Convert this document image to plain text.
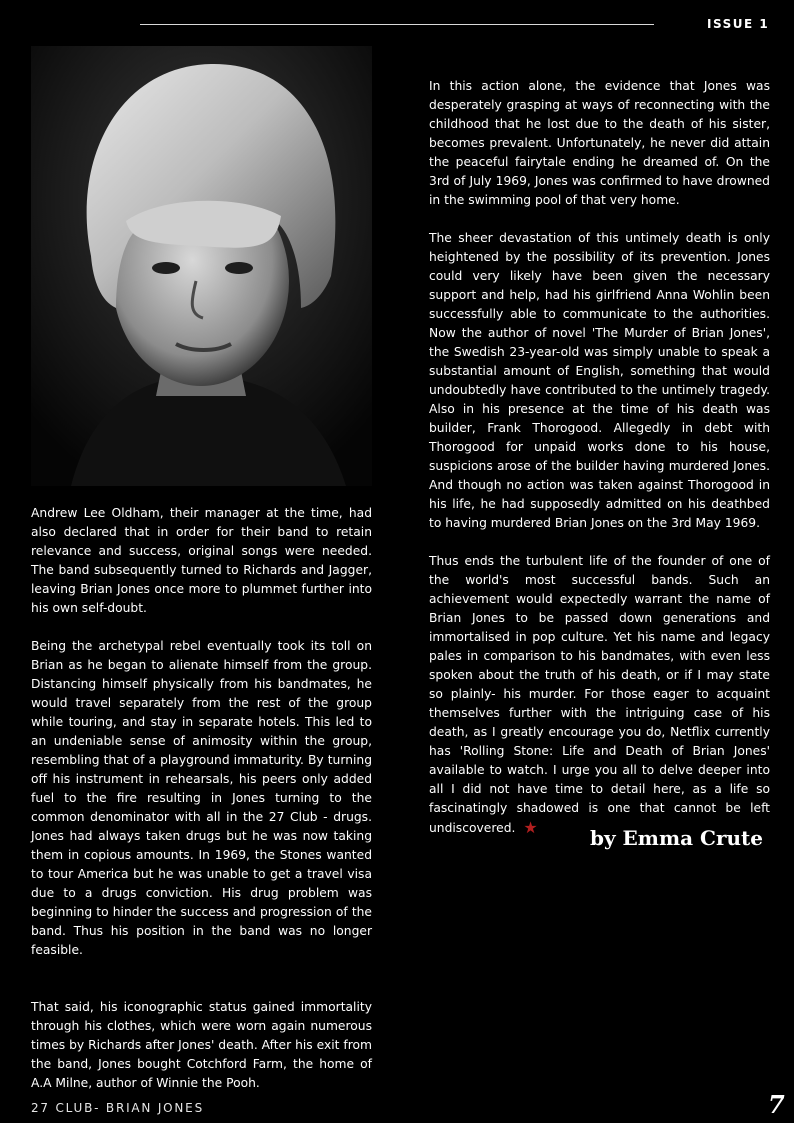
ISSUE 1

Andrew Lee Oldham, their manager at the time, had also declared that in order for their band to retain relevance and success, original songs were needed. The band subsequently turned to Richards and Jagger, leaving Brian Jones once more to plummet further into his own self-doubt.

Being the archetypal rebel eventually took its toll on Brian as he began to alienate himself from the group. Distancing himself physically from his bandmates, he would travel separately from the rest of the group while touring, and stay in separate hotels. This led to an undeniable sense of animosity within the group, resembling that of a playground immaturity. By turning off his instrument in rehearsals, his peers only added fuel to the fire resulting in Jones turning to the common denominator with all in the 27 Club - drugs. Jones had always taken drugs but he was now taking them in copious amounts. In 1969, the Stones wanted to tour America but he was unable to get a travel visa due to a drugs conviction. His drug problem was beginning to hinder the success and progression of the band. Thus his position in the band was no longer feasible.

That said, his iconographic status gained immortality through his clothes, which were worn again numerous times by Richards after Jones' death. After his exit from the band, Jones bought Cotchford Farm, the home of A.A Milne, author of Winnie the Pooh.

In this action alone, the evidence that Jones was desperately grasping at ways of reconnecting with the childhood that he lost due to the death of his sister, becomes prevalent. Unfortunately, he never did attain the peaceful fairytale ending he dreamed of. On the 3rd of July 1969, Jones was confirmed to have drowned in the swimming pool of that very home.

The sheer devastation of this untimely death is only heightened by the possibility of its prevention. Jones could very likely have been given the necessary support and help, had his girlfriend Anna Wohlin been successfully able to communicate to the authorities. Now the author of novel 'The Murder of Brian Jones', the Swedish 23-year-old was simply unable to speak a substantial amount of English, something that would undoubtedly have contributed to the untimely tragedy. Also in his presence at the time of his death was builder, Frank Thorogood. Allegedly in debt with Thorogood for unpaid works done to his house, suspicions arose of the builder having murdered Jones. And though no action was taken against Thorogood in his life, he had supposedly admitted on his deathbed to having murdered Brian Jones on the 3rd May 1969.

Thus ends the turbulent life of the founder of one of the world's most successful bands. Such an achievement would expectedly warrant the name of Brian Jones to be passed down generations and immortalised in pop culture. Yet his name and legacy pales in comparison to his bandmates, with even less spoken about the truth of his death, or if I may state so plainly- his murder. For those eager to acquaint themselves further with the intriguing case of his death, as I greatly encourage you do, Netflix currently has 'Rolling Stone: Life and Death of Brian Jones' available to watch. I urge you all to delve deeper into all I did not have time to detail here, as a life so fascinatingly shadowed is one that cannot be left undiscovered. ★	by Emma Crute
27 CLUB- BRIAN JONES	7
